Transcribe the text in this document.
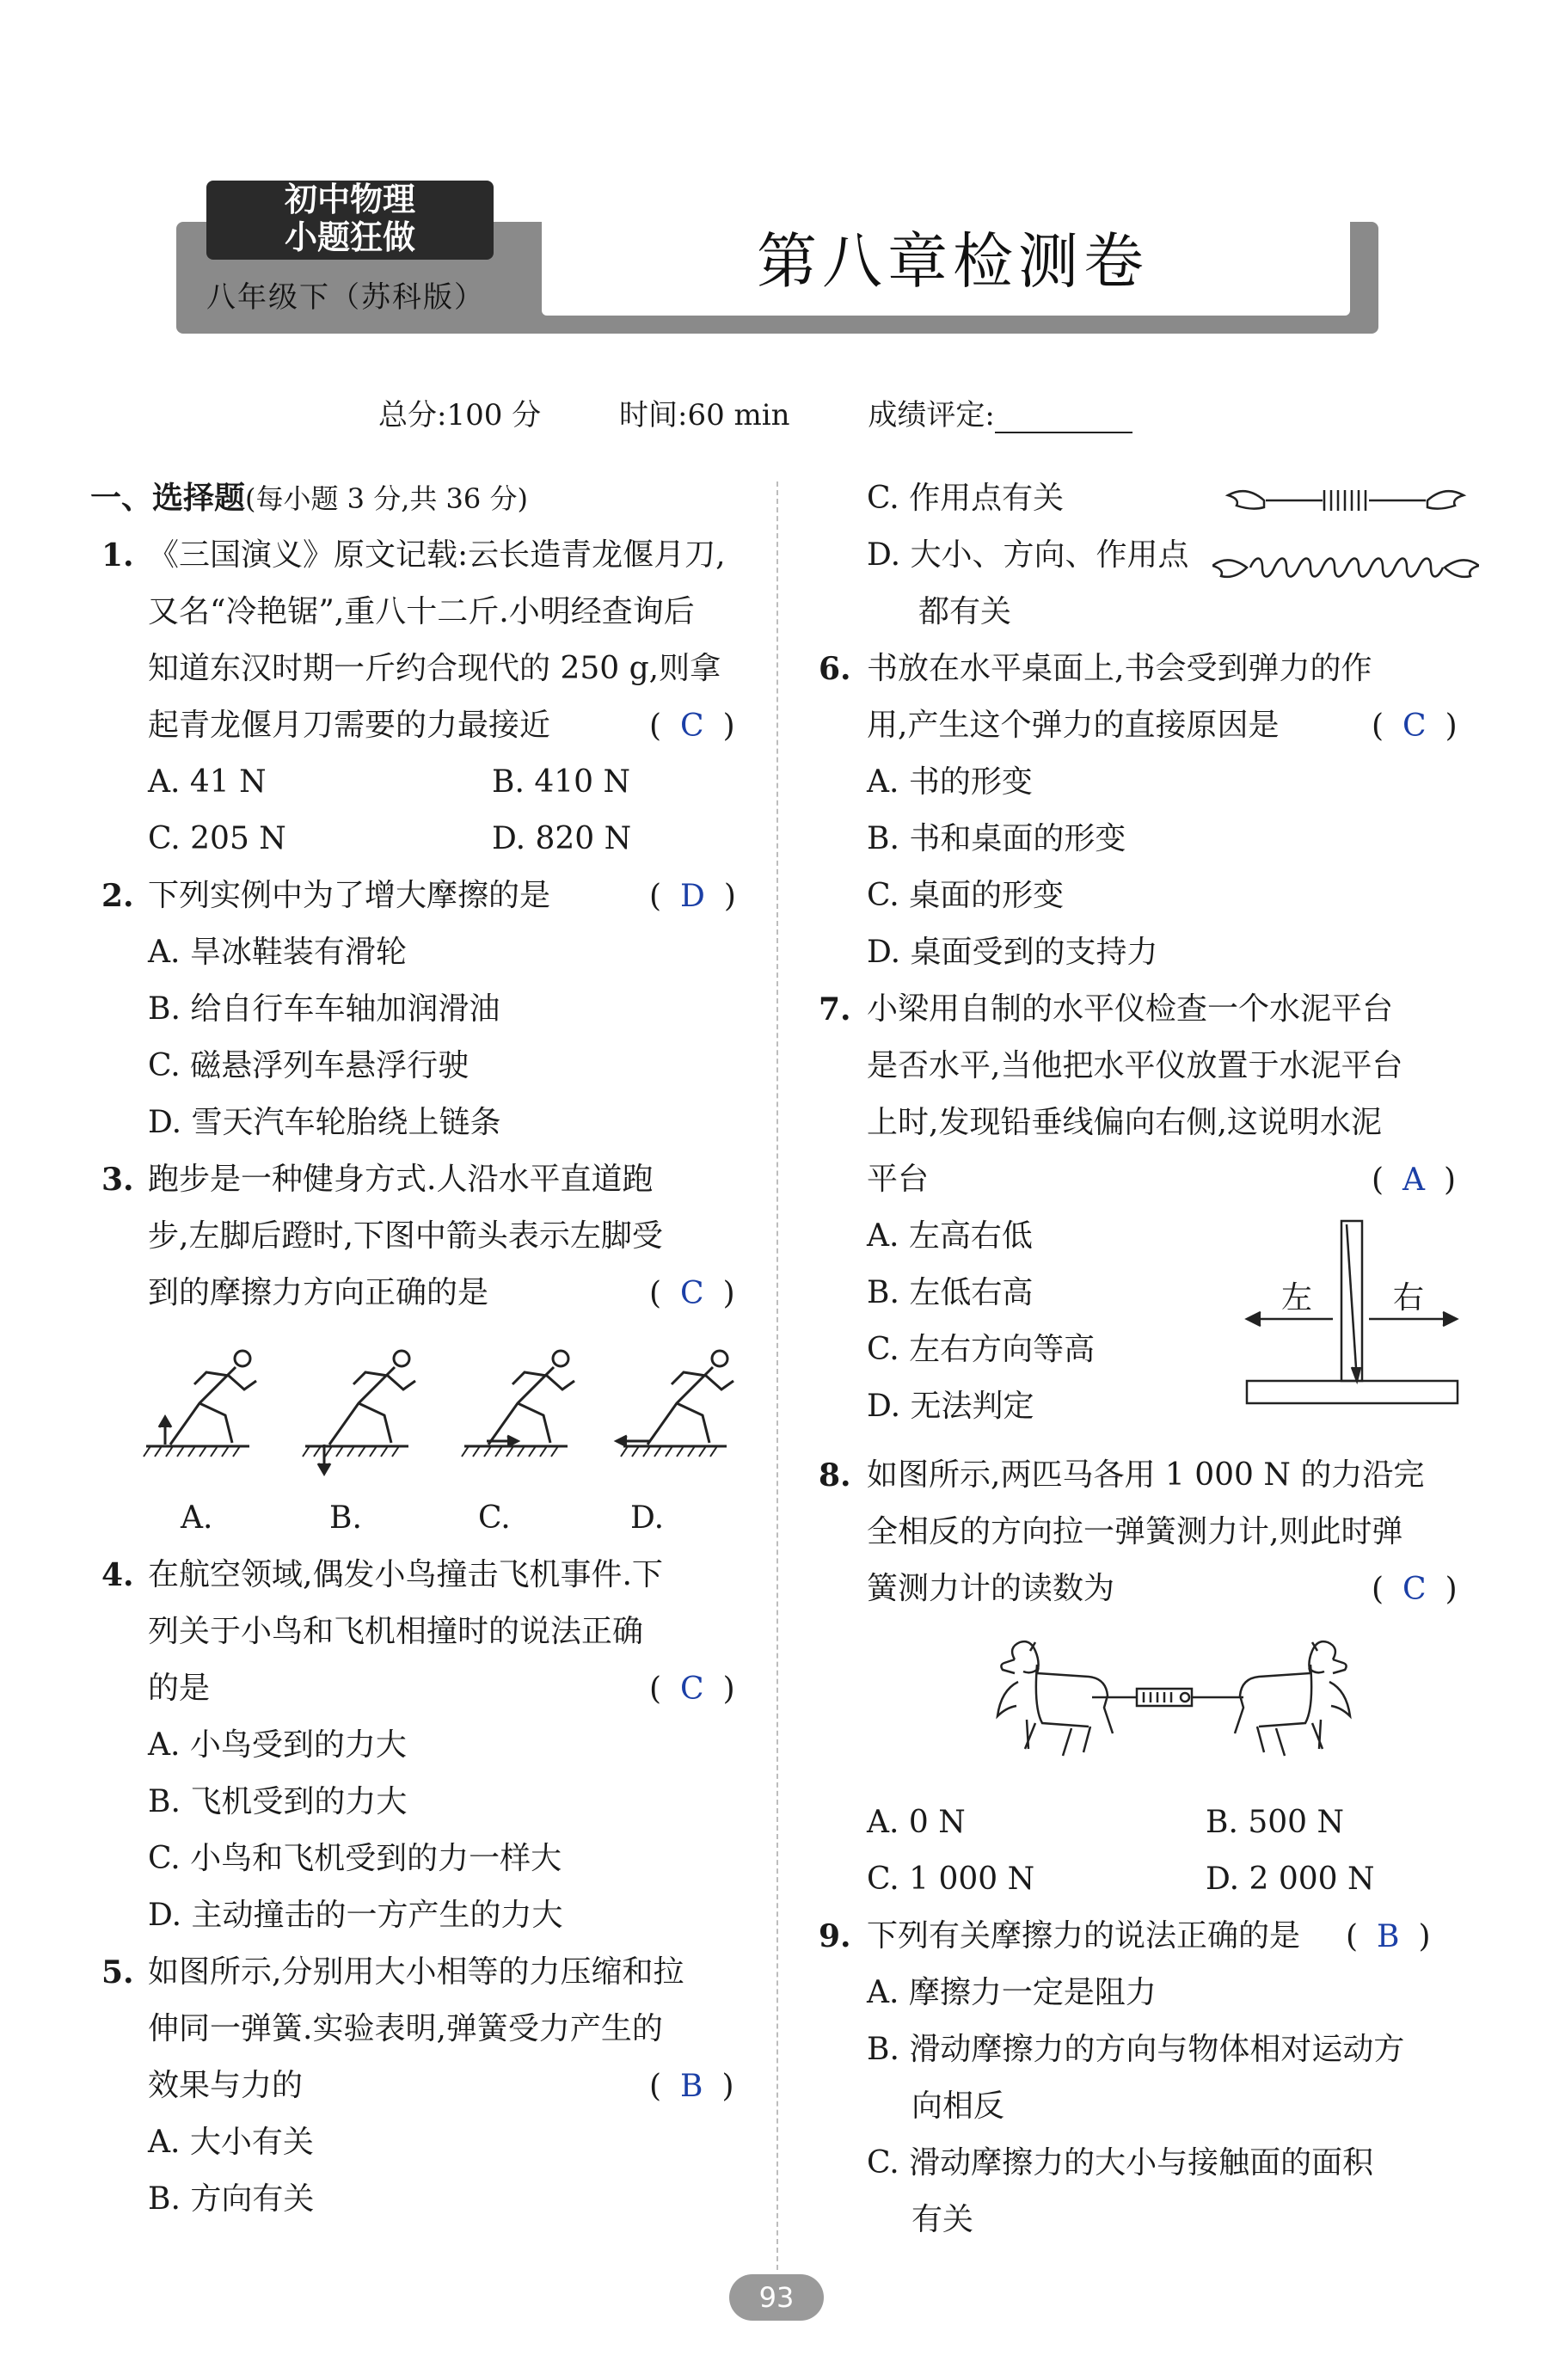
初中物理
小题狂做
八年级下（苏科版）
第八章检测卷
总分:100 分	时间:60 min	成绩评定:
一、选择题(每小题 3 分,共 36 分)
1. 《三国演义》原文记载:云长造青龙偃月刀,
又名“冷艳锯”,重八十二斤.小明经查询后
知道东汉时期一斤约合现代的 250 g,则拿
起青龙偃月刀需要的力最接近	( C )
A. 41 N	B. 410 N
C. 205 N	D. 820 N
2. 下列实例中为了增大摩擦的是	( D )
A. 旱冰鞋装有滑轮
B. 给自行车车轴加润滑油
C. 磁悬浮列车悬浮行驶
D. 雪天汽车轮胎绕上链条
3. 跑步是一种健身方式.人沿水平直道跑
步,左脚后蹬时,下图中箭头表示左脚受
到的摩擦力方向正确的是	( C )
A.	B.	C.	D.
4. 在航空领域,偶发小鸟撞击飞机事件.下
列关于小鸟和飞机相撞时的说法正确
的是	( C )
A. 小鸟受到的力大
B. 飞机受到的力大
C. 小鸟和飞机受到的力一样大
D. 主动撞击的一方产生的力大
5. 如图所示,分别用大小相等的力压缩和拉
伸同一弹簧.实验表明,弹簧受力产生的
效果与力的	( B )
A. 大小有关
B. 方向有关
C. 作用点有关
D. 大小、方向、作用点
都有关
6. 书放在水平桌面上,书会受到弹力的作
用,产生这个弹力的直接原因是	( C )
A. 书的形变
B. 书和桌面的形变
C. 桌面的形变
D. 桌面受到的支持力
7. 小梁用自制的水平仪检查一个水泥平台
是否水平,当他把水平仪放置于水泥平台
上时,发现铅垂线偏向右侧,这说明水泥
平台	( A )
A. 左高右低
B. 左低右高
C. 左右方向等高
D. 无法判定
左	右
8. 如图所示,两匹马各用 1 000 N 的力沿完
全相反的方向拉一弹簧测力计,则此时弹
簧测力计的读数为	( C )
A. 0 N	B. 500 N
C. 1 000 N	D. 2 000 N
9. 下列有关摩擦力的说法正确的是 ( B )
A. 摩擦力一定是阻力
B. 滑动摩擦力的方向与物体相对运动方
向相反
C. 滑动摩擦力的大小与接触面的面积
有关
93
